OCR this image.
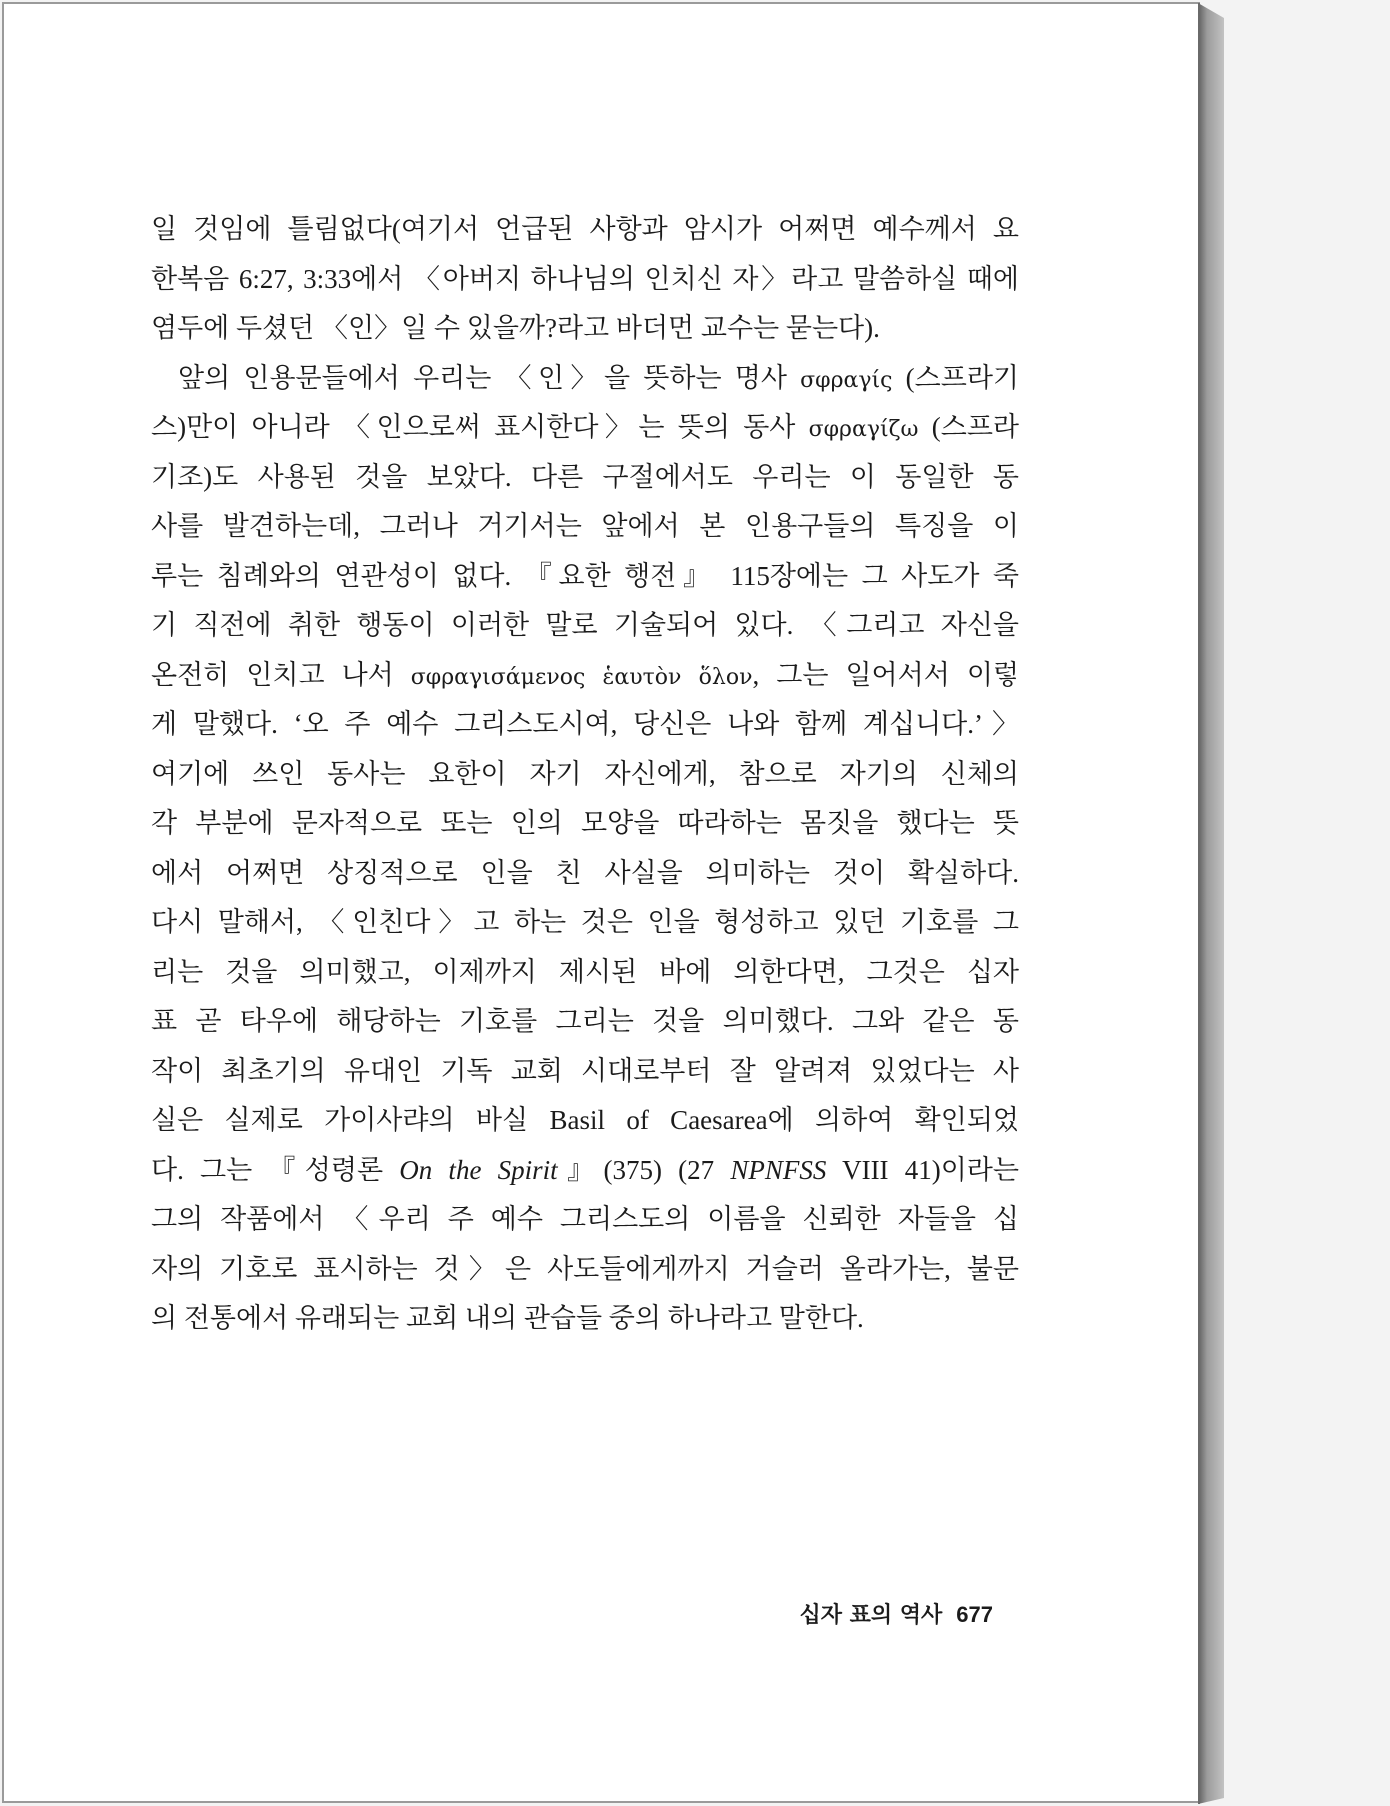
일 것임에 틀림없다(여기서 언급된 사항과 암시가 어쩌면 예수께서 요
한복음 6:27, 3:33에서 〈아버지 하나님의 인치신 자〉라고 말씀하실 때에
염두에 두셨던 〈인〉일 수 있을까?라고 바더먼 교수는 묻는다).
앞의 인용문들에서 우리는 〈인〉을 뜻하는 명사 σφραγίς (스프라기
스)만이 아니라 〈인으로써 표시한다〉는 뜻의 동사 σφραγίζω (스프라
기조)도 사용된 것을 보았다. 다른 구절에서도 우리는 이 동일한 동
사를 발견하는데, 그러나 거기서는 앞에서 본 인용구들의 특징을 이
루는 침례와의 연관성이 없다. 『요한 행전』 115장에는 그 사도가 죽
기 직전에 취한 행동이 이러한 말로 기술되어 있다. 〈그리고 자신을
온전히 인치고 나서 σφραγισάμενος ἑαυτὸν ὅλον, 그는 일어서서 이렇
게 말했다. ‘오 주 예수 그리스도시여, 당신은 나와 함께 계십니다.’〉
여기에 쓰인 동사는 요한이 자기 자신에게, 참으로 자기의 신체의
각 부분에 문자적으로 또는 인의 모양을 따라하는 몸짓을 했다는 뜻
에서 어쩌면 상징적으로 인을 친 사실을 의미하는 것이 확실하다.
다시 말해서, 〈인친다〉고 하는 것은 인을 형성하고 있던 기호를 그
리는 것을 의미했고, 이제까지 제시된 바에 의한다면, 그것은 십자
표 곧 타우에 해당하는 기호를 그리는 것을 의미했다. 그와 같은 동
작이 최초기의 유대인 기독 교회 시대로부터 잘 알려져 있었다는 사
실은 실제로 가이사랴의 바실 Basil of Caesarea에 의하여 확인되었
다. 그는 『성령론 On the Spirit』(375) (27 NPNFSS VIII 41)이라는
그의 작품에서 〈우리 주 예수 그리스도의 이름을 신뢰한 자들을 십
자의 기호로 표시하는 것〉은 사도들에게까지 거슬러 올라가는, 불문
의 전통에서 유래되는 교회 내의 관습들 중의 하나라고 말한다.
십자 표의 역사 677
